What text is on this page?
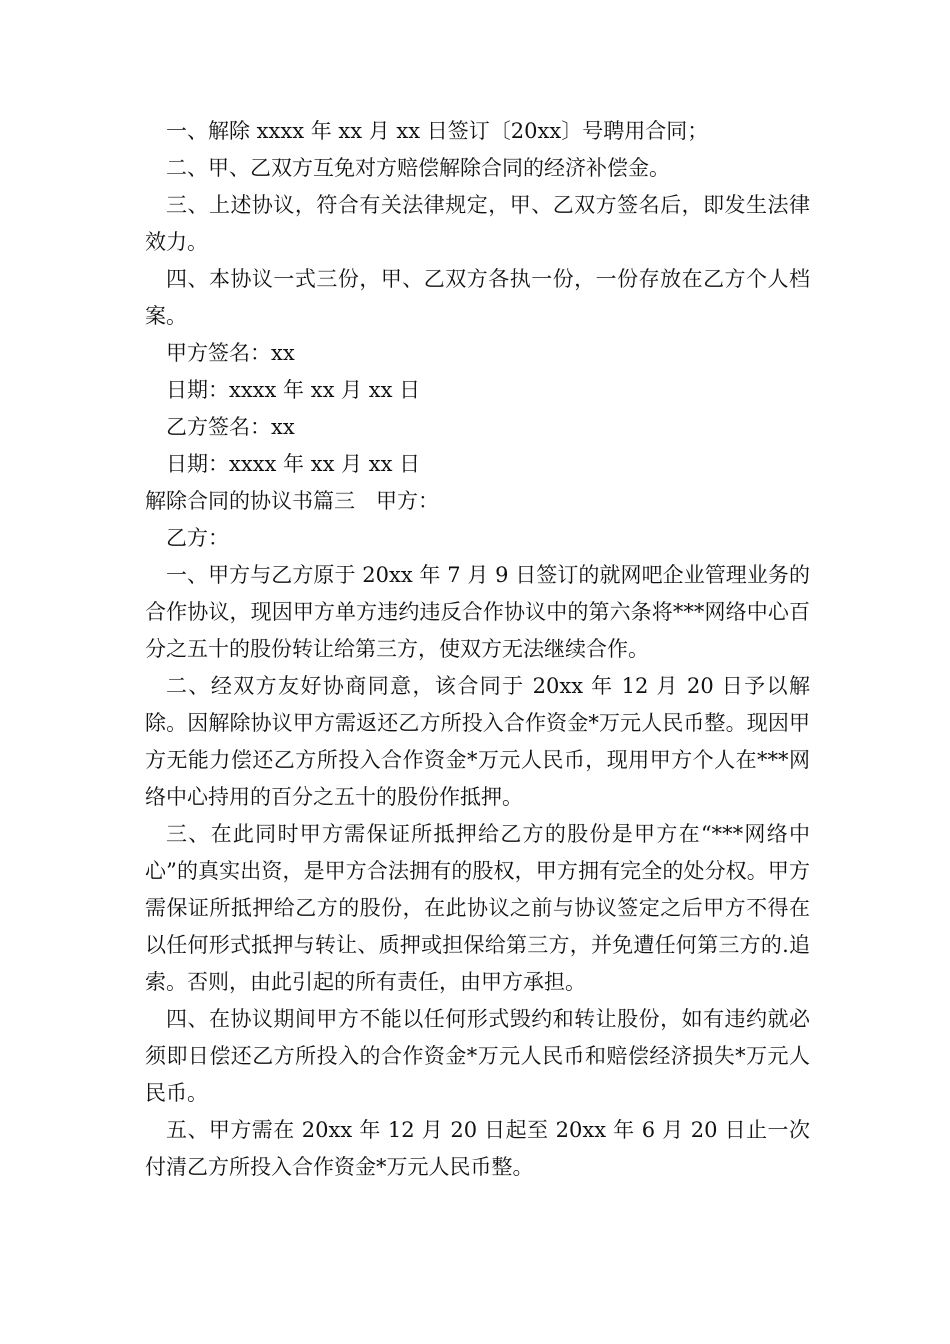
一、解除 xxxx 年 xx 月 xx 日签订〔20xx〕号聘用合同；

二、甲、乙双方互免对方赔偿解除合同的经济补偿金。

三、上述协议，符合有关法律规定，甲、乙双方签名后，即发生法律效力。

四、本协议一式三份，甲、乙双方各执一份，一份存放在乙方个人档案。

甲方签名：xx

日期：xxxx 年 xx 月 xx 日

乙方签名：xx

日期：xxxx 年 xx 月 xx 日

解除合同的协议书篇三　甲方：

乙方：

一、甲方与乙方原于 20xx 年 7 月 9 日签订的就网吧企业管理业务的合作协议，现因甲方单方违约违反合作协议中的第六条将***网络中心百分之五十的股份转让给第三方，使双方无法继续合作。

二、经双方友好协商同意，该合同于 20xx 年 12 月 20 日予以解除。因解除协议甲方需返还乙方所投入合作资金*万元人民币整。现因甲方无能力偿还乙方所投入合作资金*万元人民币，现用甲方个人在***网络中心持用的百分之五十的股份作抵押。

三、在此同时甲方需保证所抵押给乙方的股份是甲方在“***网络中心”的真实出资，是甲方合法拥有的股权，甲方拥有完全的处分权。甲方需保证所抵押给乙方的股份，在此协议之前与协议签定之后甲方不得在以任何形式抵押与转让、质押或担保给第三方，并免遭任何第三方的.追索。否则，由此引起的所有责任，由甲方承担。

四、在协议期间甲方不能以任何形式毁约和转让股份，如有违约就必须即日偿还乙方所投入的合作资金*万元人民币和赔偿经济损失*万元人民币。

五、甲方需在 20xx 年 12 月 20 日起至 20xx 年 6 月 20 日止一次付清乙方所投入合作资金*万元人民币整。
